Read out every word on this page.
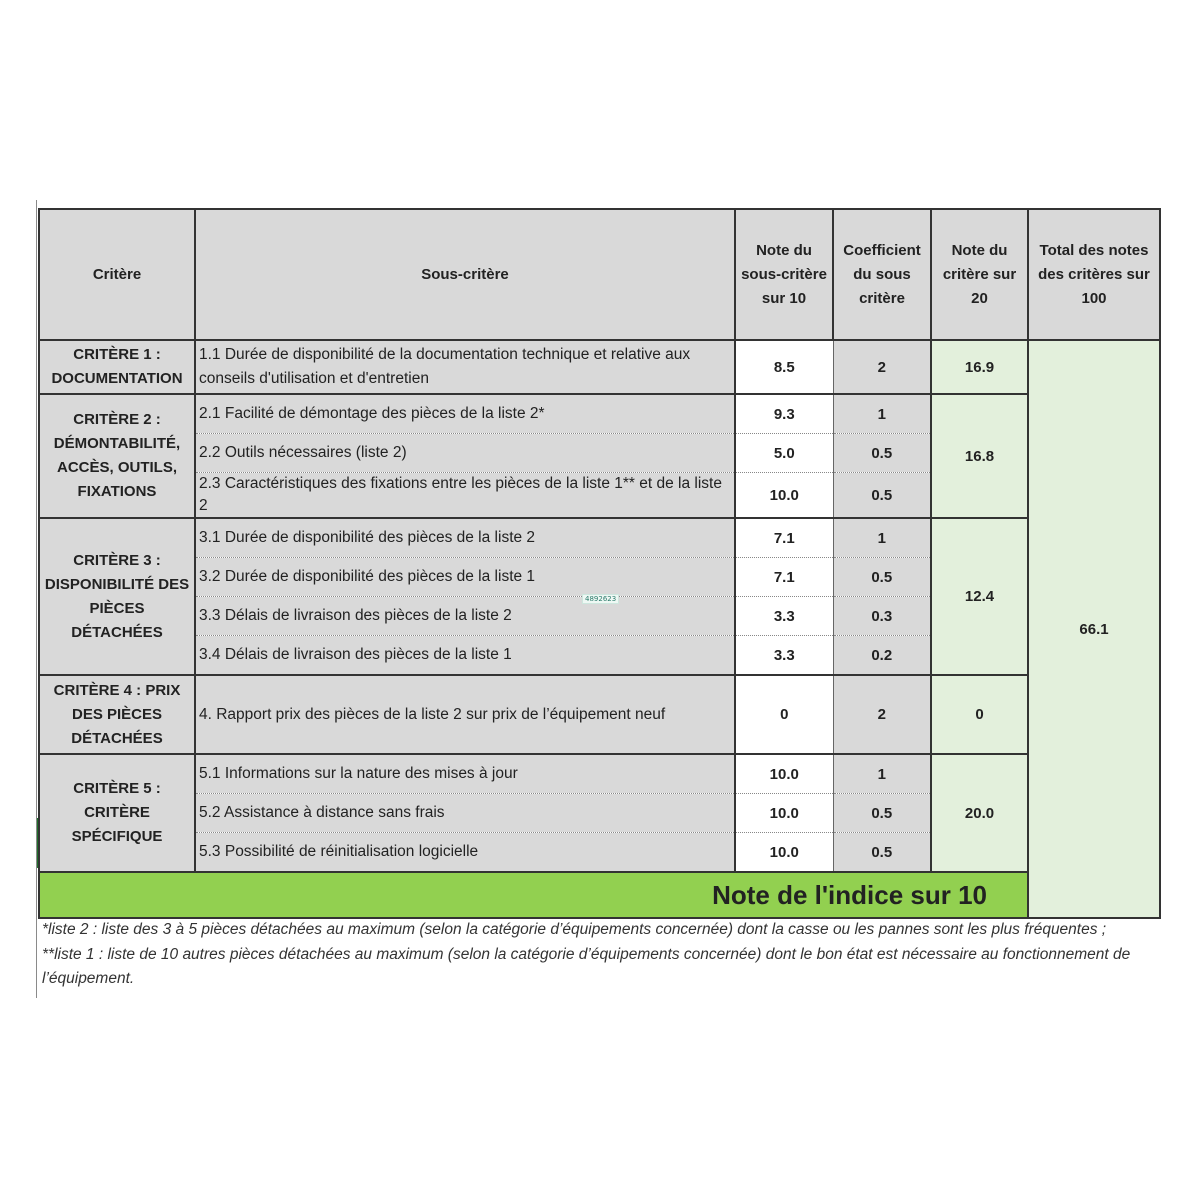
Critère	Sous-critère	Note du sous-critère sur 10	Coefficient du sous critère	Note du critère sur 20	Total des notes des critères sur 100	
CRITÈRE 1 : DOCUMENTATION	1.1 Durée de disponibilité de la documentation technique et relative aux conseils d'utilisation et d'entretien	8.5	2	16.9	66.1	
CRITÈRE 2 : DÉMONTABILITÉ, ACCÈS, OUTILS, FIXATIONS	2.1 Facilité de démontage des pièces de la liste 2*	9.3	1	16.8		
	2.2 Outils nécessaires (liste 2)	5.0	0.5			
	2.3 Caractéristiques des fixations entre les pièces de la liste 1** et de la liste 2	10.0	0.5			
CRITÈRE 3 : DISPONIBILITÉ DES PIÈCES DÉTACHÉES	3.1 Durée de disponibilité des pièces de la liste 2	7.1	1	12.4		
	3.2 Durée de disponibilité des pièces de la liste 1	7.1	0.5			
	3.3 Délais de livraison des pièces de la liste 2	3.3	0.3			
	3.4 Délais de livraison des pièces de la liste 1	3.3	0.2			
CRITÈRE 4 : PRIX DES PIÈCES DÉTACHÉES	4. Rapport prix des pièces de la liste 2 sur prix de l’équipement neuf	0	2	0		
CRITÈRE 5 : CRITÈRE SPÉCIFIQUE	5.1 Informations sur la nature des mises à jour	10.0	1	20.0		
	5.2 Assistance à distance sans frais	10.0	0.5			
	5.3 Possibilité de réinitialisation logicielle	10.0	0.5			
Note de l'indice sur 10	
4892623
*liste 2 : liste des 3 à 5 pièces détachées au maximum (selon la catégorie d’équipements concernée) dont la casse ou les pannes sont les plus fréquentes ;
**liste 1 : liste de 10 autres pièces détachées au maximum (selon la catégorie d’équipements concernée) dont le bon état est nécessaire au fonctionnement de l’équipement.
